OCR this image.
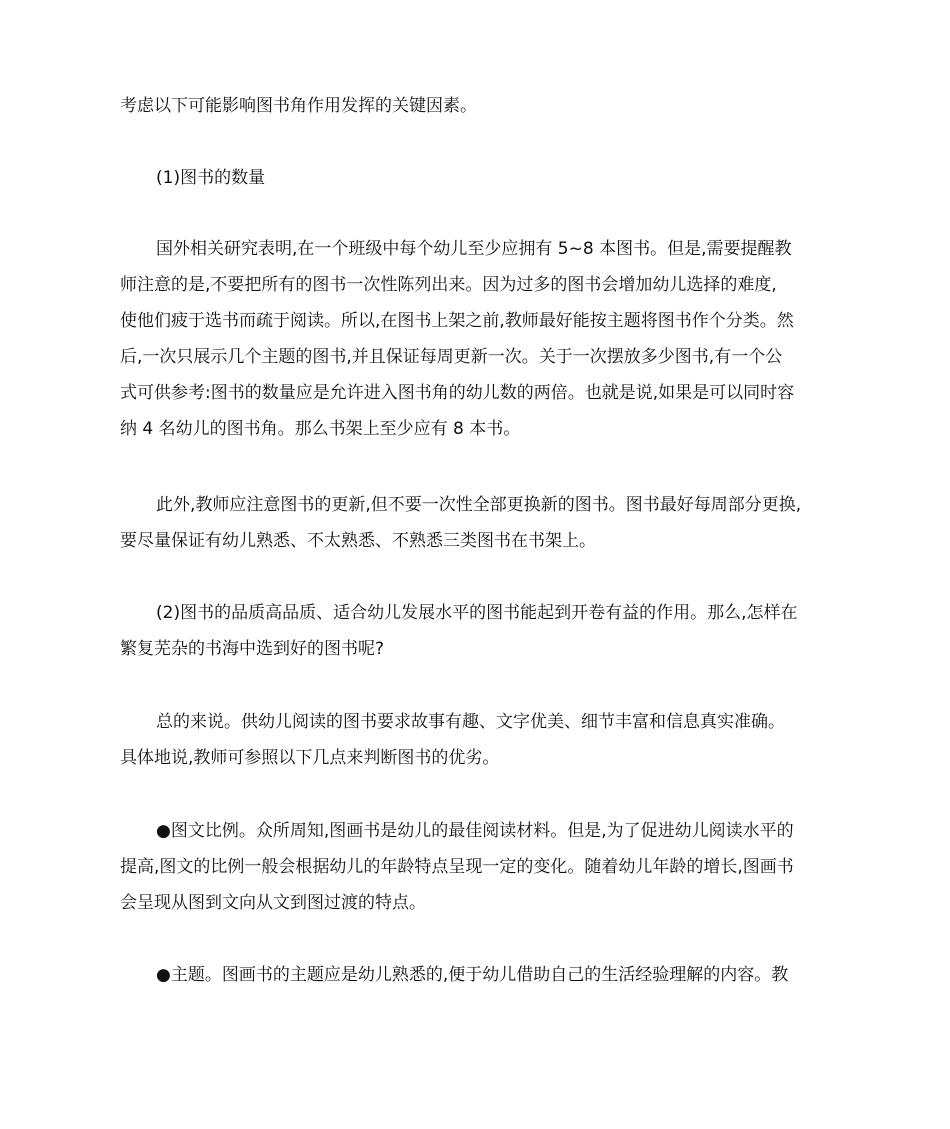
考虑以下可能影响图书角作用发挥的关键因素。

(1)图书的数量

国外相关研究表明,在一个班级中每个幼儿至少应拥有 5~8 本图书。但是,需要提醒教
师注意的是,不要把所有的图书一次性陈列出来。因为过多的图书会增加幼儿选择的难度,
使他们疲于选书而疏于阅读。所以,在图书上架之前,教师最好能按主题将图书作个分类。然
后,一次只展示几个主题的图书,并且保证每周更新一次。关于一次摆放多少图书,有一个公
式可供参考:图书的数量应是允许进入图书角的幼儿数的两倍。也就是说,如果是可以同时容
纳 4 名幼儿的图书角。那么书架上至少应有 8 本书。

此外,教师应注意图书的更新,但不要一次性全部更换新的图书。图书最好每周部分更换,
要尽量保证有幼儿熟悉、不太熟悉、不熟悉三类图书在书架上。

(2)图书的品质高品质、适合幼儿发展水平的图书能起到开卷有益的作用。那么,怎样在
繁复芜杂的书海中选到好的图书呢?

总的来说。供幼儿阅读的图书要求故事有趣、文字优美、细节丰富和信息真实准确。
具体地说,教师可参照以下几点来判断图书的优劣。

●图文比例。众所周知,图画书是幼儿的最佳阅读材料。但是,为了促进幼儿阅读水平的
提高,图文的比例一般会根据幼儿的年龄特点呈现一定的变化。随着幼儿年龄的增长,图画书
会呈现从图到文向从文到图过渡的特点。

●主题。图画书的主题应是幼儿熟悉的,便于幼儿借助自己的生活经验理解的内容。教
